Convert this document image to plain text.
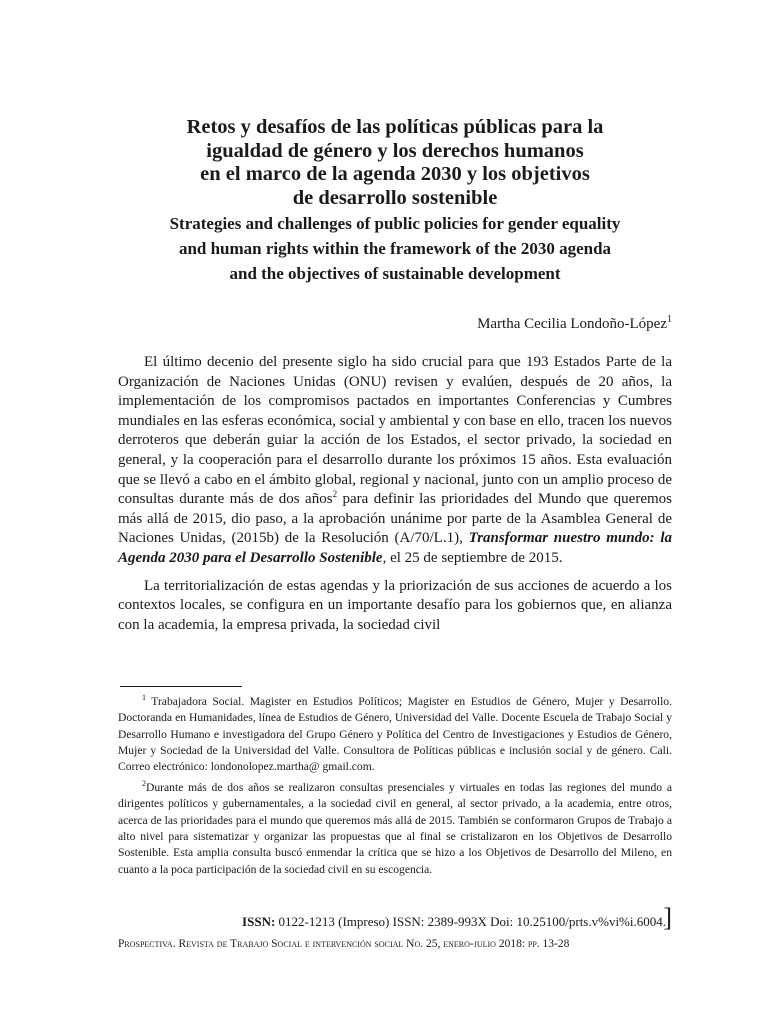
Retos y desafíos de las políticas públicas para la
igualdad de género y los derechos humanos
en el marco de la agenda 2030 y los objetivos
de desarrollo sostenible
Strategies and challenges of public policies for gender equality
and human rights within the framework of the 2030 agenda
and the objectives of sustainable development
Martha Cecilia Londoño-López$^1$

El último decenio del presente siglo ha sido crucial para que 193 Estados Parte de la Organización de Naciones Unidas (ONU) revisen y evalúen, después de 20 años, la implementación de los compromisos pactados en importantes Conferencias y Cumbres mundiales en las esferas económica, social y ambiental y con base en ello, tracen los nuevos derroteros que deberán guiar la acción de los Estados, el sector privado, la sociedad en general, y la cooperación para el desarrollo durante los próximos 15 años. Esta evaluación que se llevó a cabo en el ámbito global, regional y nacional, junto con un amplio proceso de consultas durante más de dos años$^2$ para definir las prioridades del Mundo que queremos más allá de 2015, dio paso, a la aprobación unánime por parte de la Asamblea General de Naciones Unidas, (2015b) de la Resolución (A/70/L.1), Transformar nuestro mundo: la Agenda 2030 para el Desarrollo Sostenible, el 25 de septiembre de 2015.

La territorialización de estas agendas y la priorización de sus acciones de acuerdo a los contextos locales, se configura en un importante desafío para los gobiernos que, en alianza con la academia, la empresa privada, la sociedad civil

$^1$ Trabajadora Social. Magister en Estudios Políticos; Magister en Estudios de Género, Mujer y Desarrollo. Doctoranda en Humanidades, línea de Estudios de Género, Universidad del Valle. Docente Escuela de Trabajo Social y Desarrollo Humano e investigadora del Grupo Género y Política del Centro de Investigaciones y Estudios de Género, Mujer y Sociedad de la Universidad del Valle. Consultora de Políticas públicas e inclusión social y de género. Cali. Correo electrónico: londonolopez.martha@ gmail.com.

$^2$Durante más de dos años se realizaron consultas presenciales y virtuales en todas las regiones del mundo a dirigentes políticos y gubernamentales, a la sociedad civil en general, al sector privado, a la academia, entre otros, acerca de las prioridades para el mundo que queremos más allá de 2015. También se conformaron Grupos de Trabajo a alto nivel para sistematizar y organizar las propuestas que al final se cristalizaron en los Objetivos de Desarrollo Sostenible. Esta amplia consulta buscó enmendar la crítica que se hizo a los Objetivos de Desarrollo del Mileno, en cuanto a la poca participación de la sociedad civil en su escogencia.

ISSN: 0122-1213 (Impreso) ISSN: 2389-993X Doi: 10.25100/prts.v%vi%i.6004.
]
Prospectiva. Revista de Trabajo Social e intervención social No. 25, enero-julio 2018: pp. 13-28
